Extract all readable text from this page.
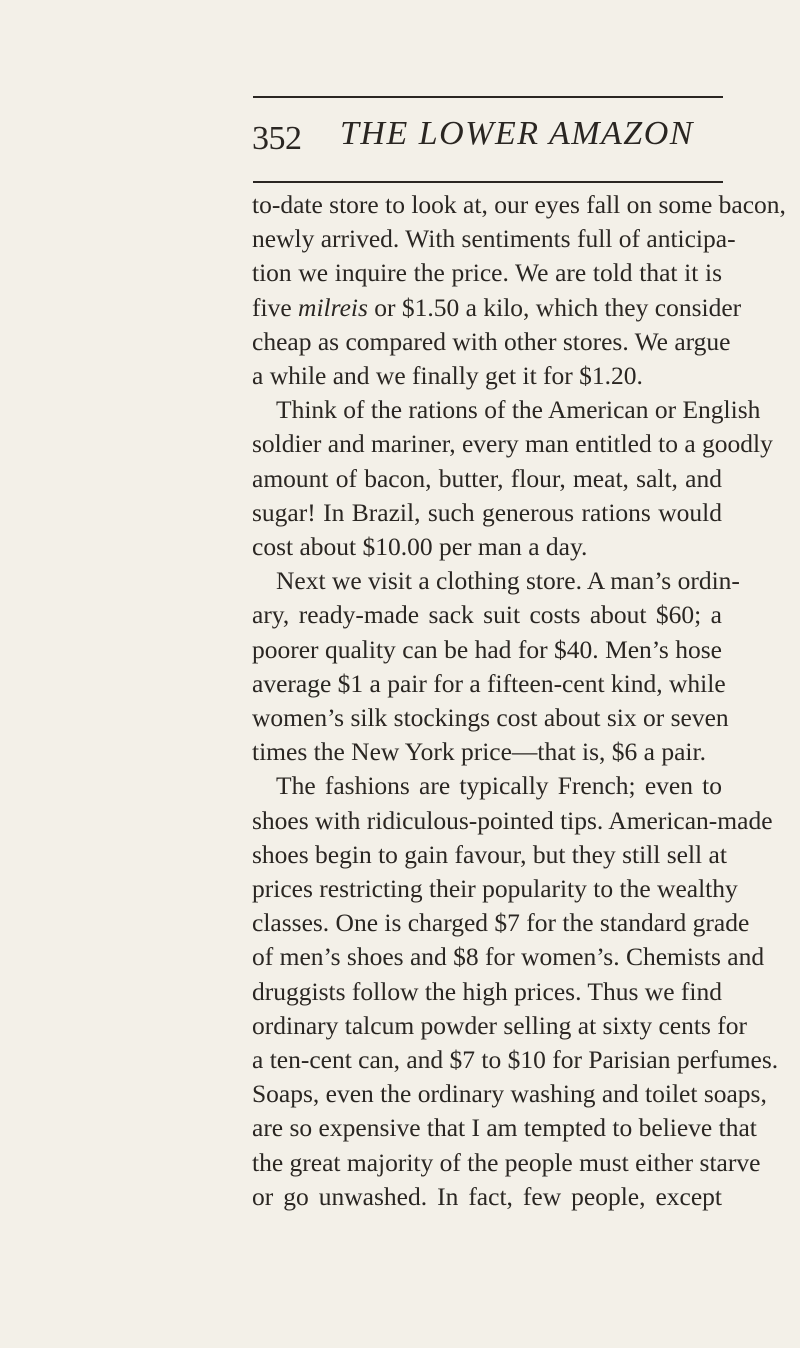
352 THE LOWER AMAZON
to-date store to look at, our eyes fall on some bacon,
newly arrived. With sentiments full of anticipa-
tion we inquire the price. We are told that it is
five milreis or $1.50 a kilo, which they consider
cheap as compared with other stores. We argue
a while and we finally get it for $1.20.
Think of the rations of the American or English
soldier and mariner, every man entitled to a goodly
amount of bacon, butter, flour, meat, salt, and
sugar! In Brazil, such generous rations would
cost about $10.00 per man a day.
Next we visit a clothing store. A man’s ordin-
ary, ready-made sack suit costs about $60; a
poorer quality can be had for $40. Men’s hose
average $1 a pair for a fifteen-cent kind, while
women’s silk stockings cost about six or seven
times the New York price—that is, $6 a pair.
The fashions are typically French; even to
shoes with ridiculous-pointed tips. American-made
shoes begin to gain favour, but they still sell at
prices restricting their popularity to the wealthy
classes. One is charged $7 for the standard grade
of men’s shoes and $8 for women’s. Chemists and
druggists follow the high prices. Thus we find
ordinary talcum powder selling at sixty cents for
a ten-cent can, and $7 to $10 for Parisian perfumes.
Soaps, even the ordinary washing and toilet soaps,
are so expensive that I am tempted to believe that
the great majority of the people must either starve
or go unwashed. In fact, few people, except
